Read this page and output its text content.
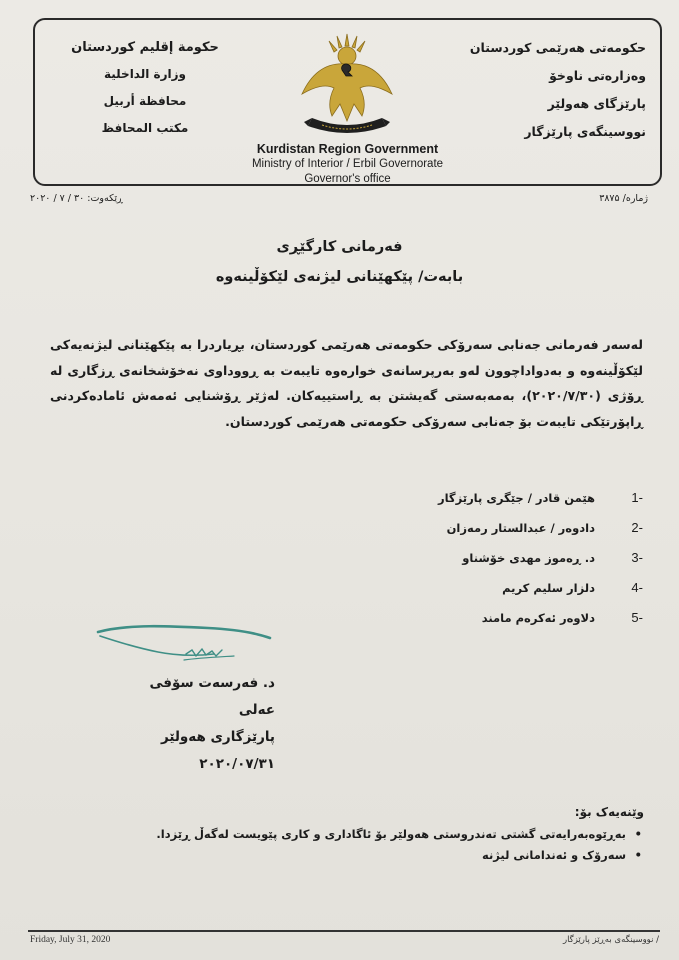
حکومەتی هەرێمی کوردستان
وەزارەتی ناوخۆ
پارێزگای هەولێر
نووسینگەی پارێزگار
حكومة إقليم كوردستان
وزارة الداخلية
محافظة أربيل
مكتب المحافظ
Kurdistan Region Government
Ministry of Interior / Erbil Governorate
Governor's office
ژمارە/ ۳۸۷۵
ڕێکەوت: ۳۰ / ۷ / ۲۰۲۰
فەرمانی کارگێڕی
بابەت/ پێکهێنانی لیژنەی لێکۆڵینەوە
لەسەر فەرمانی جەنابی سەرۆکی حکومەتی هەرێمی کوردستان، بڕیاردرا بە پێکهێنانی لیژنەیەکی لێکۆڵینەوە و بەدواداچوون لەو بەرپرسانەی خوارەوە تایبەت بە ڕووداوی نەخۆشخانەی ڕزگاری لە ڕۆژی (٢٠٢٠/٧/٣٠)، بەمەبەستی گەیشتن بە ڕاستییەکان. لەژێر ڕۆشنایی ئەمەش ئامادەکردنی ڕاپۆرتێکی تایبەت بۆ جەنابی سەرۆکی حکومەتی هەرێمی کوردستان.
-1
هێمن قادر / جێگری پارێزگار
-2
دادوەر / عبدالستار رمەزان
-3
د. ڕەموز مهدی خۆشناو
-4
دلزار سلیم کریم
-5
دلاوەر ئەکرەم مامند
د. فەرسەت سۆفی عەلی
پارێزگاری هەولێر
٢٠٢٠/٠٧/٣١
وێنەیەک بۆ:
•
بەڕێوەبەرایەتی گشتی تەندروستی هەولێر بۆ ئاگاداری و کاری پێویست لەگەڵ ڕێزدا.
•
سەرۆک و ئەندامانی لیژنە
Friday, July 31, 2020	/ نووسینگەی بەڕێز پارێزگار
